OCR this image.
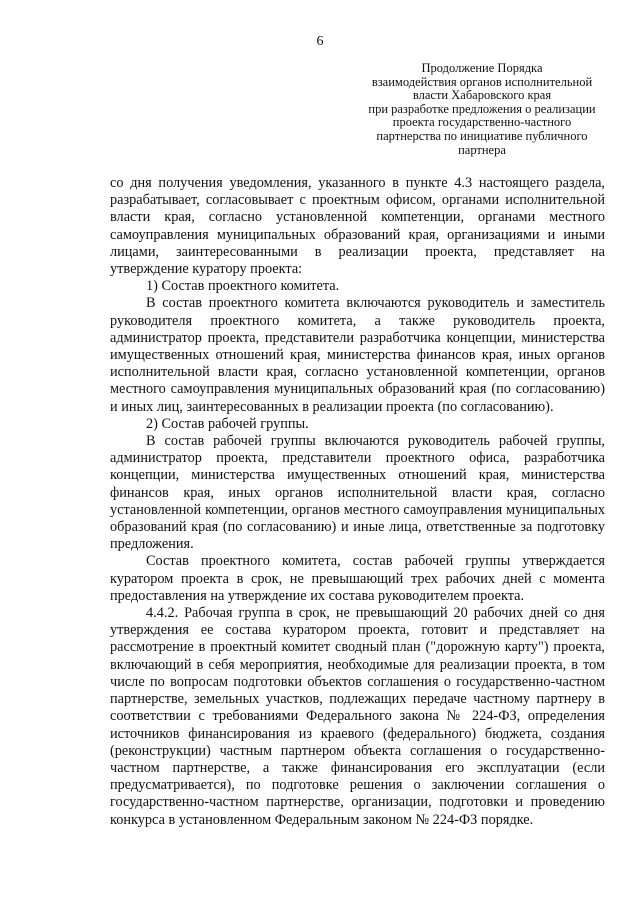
6
Продолжение Порядка
взаимодействия органов исполнительной
власти Хабаровского края
при разработке предложения о реализации
проекта государственно-частного
партнерства по инициативе публичного
партнера

со дня получения уведомления, указанного в пункте 4.3 настоящего раздела, разрабатывает, согласовывает с проектным офисом, органами исполнительной власти края, согласно установленной компетенции, органами местного самоуправления муниципальных образований края, организациями и иными лицами, заинтересованными в реализации проекта, представляет на утверждение куратору проекта:

1) Состав проектного комитета.

В состав проектного комитета включаются руководитель и заместитель руководителя проектного комитета, а также руководитель проекта, администратор проекта, представители разработчика концепции, министерства имущественных отношений края, министерства финансов края, иных органов исполнительной власти края, согласно установленной компетенции, органов местного самоуправления муниципальных образований края (по согласованию) и иных лиц, заинтересованных в реализации проекта (по согласованию).

2) Состав рабочей группы.

В состав рабочей группы включаются руководитель рабочей группы, администратор проекта, представители проектного офиса, разработчика концепции, министерства имущественных отношений края, министерства финансов края, иных органов исполнительной власти края, согласно установленной компетенции, органов местного самоуправления муниципальных образований края (по согласованию) и иные лица, ответственные за подготовку предложения.

Состав проектного комитета, состав рабочей группы утверждается куратором проекта в срок, не превышающий трех рабочих дней с момента предоставления на утверждение их состава руководителем проекта.

4.4.2. Рабочая группа в срок, не превышающий 20 рабочих дней со дня утверждения ее состава куратором проекта, готовит и представляет на рассмотрение в проектный комитет сводный план ("дорожную карту") проекта, включающий в себя мероприятия, необходимые для реализации проекта, в том числе по вопросам подготовки объектов соглашения о государственно-частном партнерстве, земельных участков, подлежащих передаче частному партнеру в соответствии с требованиями Федерального закона № 224-ФЗ, определения источников финансирования из краевого (федерального) бюджета, создания (реконструкции) частным партнером объекта соглашения о государственно-частном партнерстве, а также финансирования его эксплуатации (если предусматривается), по подготовке решения о заключении соглашения о государственно-частном партнерстве, организации, подготовки и проведению конкурса в установленном Федеральным законом № 224-ФЗ порядке.
